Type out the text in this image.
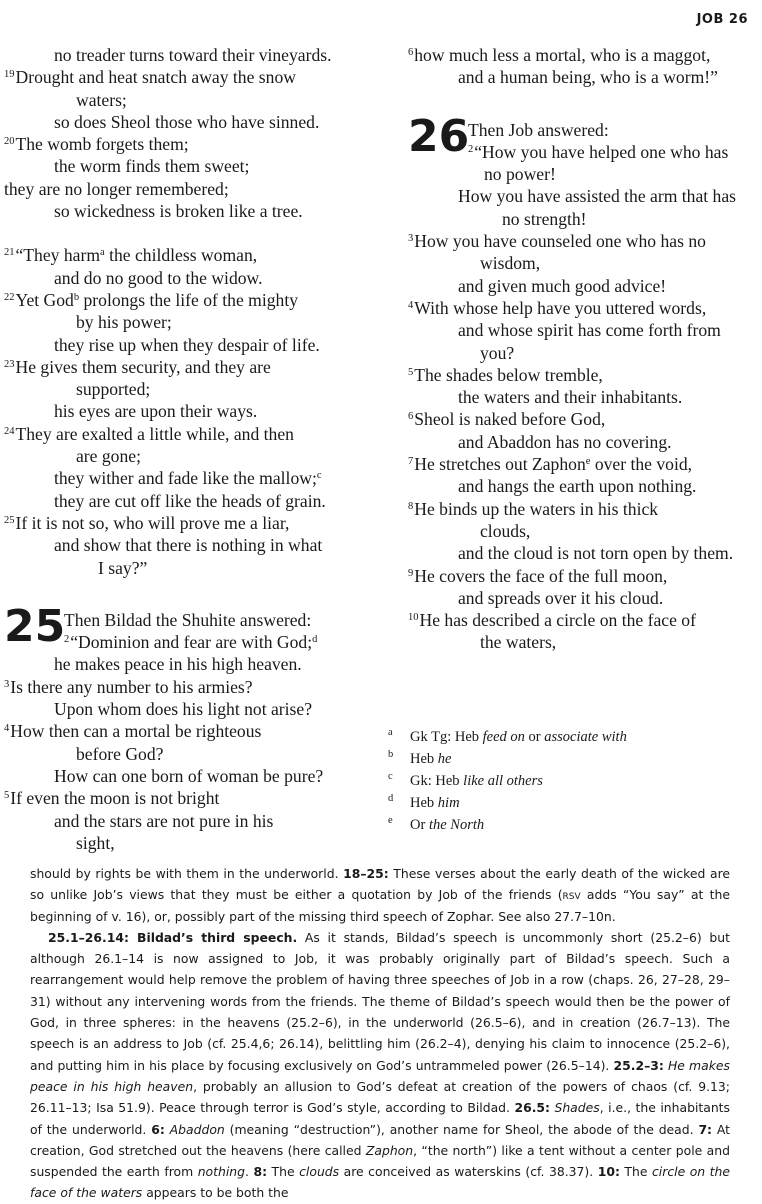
JOB 26
no treader turns toward their vineyards.
$^{19}$Drought and heat snatch away the snow
waters;
so does Sheol those who have sinned.
$^{20}$The womb forgets them;
the worm finds them sweet;
they are no longer remembered;
so wickedness is broken like a tree.
$^{21}$“They harm$^a$ the childless woman,
and do no good to the widow.
$^{22}$Yet God$^b$ prolongs the life of the mighty
by his power;
they rise up when they despair of life.
$^{23}$He gives them security, and they are
supported;
his eyes are upon their ways.
$^{24}$They are exalted a little while, and then
are gone;
they wither and fade like the mallow;$^c$
they are cut off like the heads of grain.
$^{25}$If it is not so, who will prove me a liar,
and show that there is nothing in what
I say?”
25
Then Bildad the Shuhite answered:
$^2$“Dominion and fear are with God;$^d$
he makes peace in his high heaven.
$^3$Is there any number to his armies?
Upon whom does his light not arise?
$^4$How then can a mortal be righteous
before God?
How can one born of woman be pure?
$^5$If even the moon is not bright
and the stars are not pure in his
sight,
$^6$how much less a mortal, who is a maggot,
and a human being, who is a worm!”
26
Then Job answered:
$^2$“How you have helped one who has
no power!
How you have assisted the arm that has
no strength!
$^3$How you have counseled one who has no
wisdom,
and given much good advice!
$^4$With whose help have you uttered words,
and whose spirit has come forth from
you?
$^5$The shades below tremble,
the waters and their inhabitants.
$^6$Sheol is naked before God,
and Abaddon has no covering.
$^7$He stretches out Zaphon$^e$ over the void,
and hangs the earth upon nothing.
$^8$He binds up the waters in his thick
clouds,
and the cloud is not torn open by them.
$^9$He covers the face of the full moon,
and spreads over it his cloud.
$^{10}$He has described a circle on the face of
the waters,
a	Gk Tg: Heb feed on or associate with
b	Heb he
c	Gk: Heb like all others
d	Heb him
e	Or the North

should by rights be with them in the underworld. 18–25: These verses about the early death of the wicked are so unlike Job’s views that they must be either a quotation by Job of the friends (rsv adds “You say” at the beginning of v. 16), or, possibly part of the missing third speech of Zophar. See also 27.7–10n.

25.1–26.14: Bildad’s third speech. As it stands, Bildad’s speech is uncommonly short (25.2–6) but although 26.1–14 is now assigned to Job, it was probably originally part of Bildad’s speech. Such a rearrangement would help remove the problem of having three speeches of Job in a row (chaps. 26, 27–28, 29–31) without any intervening words from the friends. The theme of Bildad’s speech would then be the power of God, in three spheres: in the heavens (25.2–6), in the underworld (26.5–6), and in creation (26.7–13). The speech is an address to Job (cf. 25.4,6; 26.14), belittling him (26.2–4), denying his claim to innocence (25.2–6), and putting him in his place by focusing exclusively on God’s untrammeled power (26.5–14). 25.2–3: He makes peace in his high heaven, probably an allusion to God’s defeat at creation of the powers of chaos (cf. 9.13; 26.11–13; Isa 51.9). Peace through terror is God’s style, according to Bildad. 26.5: Shades, i.e., the inhabitants of the underworld. 6: Abaddon (meaning “destruction”), another name for Sheol, the abode of the dead. 7: At creation, God stretched out the heavens (here called Zaphon, “the north”) like a tent without a center pole and suspended the earth from nothing. 8: The clouds are conceived as waterskins (cf. 38.37). 10: The circle on the face of the waters appears to be both the
